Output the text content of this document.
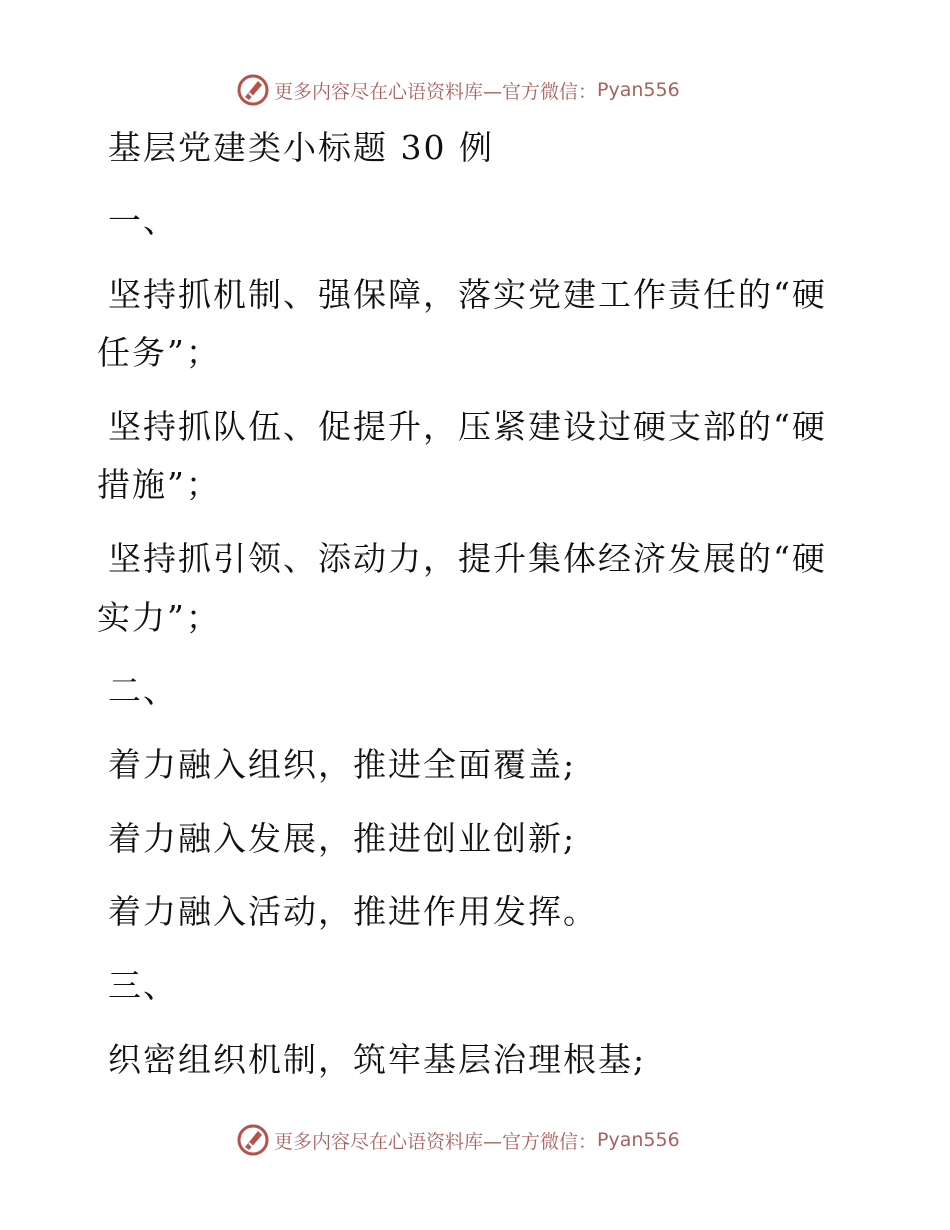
更多内容尽在心语资料库—官方微信： Pyan556
基层党建类小标题 30 例
一、
坚持抓机制、强保障，落实党建工作责任的“硬
任务”；
坚持抓队伍、促提升，压紧建设过硬支部的“硬
措施”；
坚持抓引领、添动力，提升集体经济发展的“硬
实力”；
二、
着力融入组织，推进全面覆盖;
着力融入发展，推进创业创新;
着力融入活动，推进作用发挥。
三、
织密组织机制，筑牢基层治理根基;
更多内容尽在心语资料库—官方微信： Pyan556
